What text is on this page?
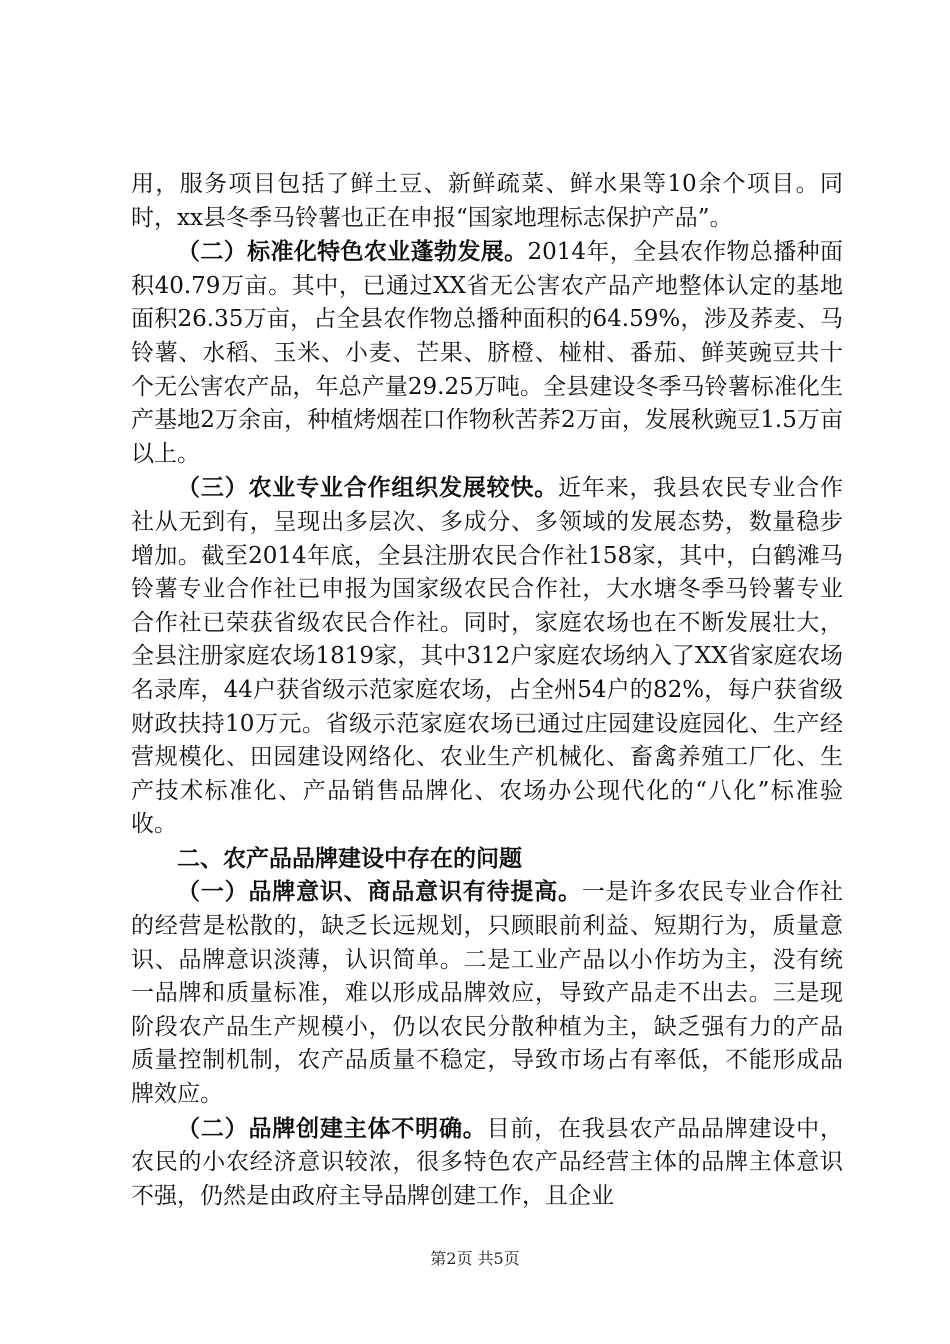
用，服务项目包括了鲜土豆、新鲜疏菜、鲜水果等10余个项目。同时，xx县冬季马铃薯也正在申报“国家地理标志保护产品”。

（二）标准化特色农业蓬勃发展。2014年，全县农作物总播种面积40.79万亩。其中，已通过XX省无公害农产品产地整体认定的基地面积26.35万亩，占全县农作物总播种面积的64.59%，涉及荞麦、马铃薯、水稻、玉米、小麦、芒果、脐橙、椪柑、番茄、鲜荚豌豆共十个无公害农产品，年总产量29.25万吨。全县建设冬季马铃薯标准化生产基地2万余亩，种植烤烟茬口作物秋苦荞2万亩，发展秋豌豆1.5万亩以上。

（三）农业专业合作组织发展较快。近年来，我县农民专业合作社从无到有，呈现出多层次、多成分、多领域的发展态势，数量稳步增加。截至2014年底，全县注册农民合作社158家，其中，白鹤滩马铃薯专业合作社已申报为国家级农民合作社，大水塘冬季马铃薯专业合作社已荣获省级农民合作社。同时，家庭农场也在不断发展壮大，全县注册家庭农场1819家，其中312户家庭农场纳入了XX省家庭农场名录库，44户获省级示范家庭农场，占全州54户的82%，每户获省级财政扶持10万元。省级示范家庭农场已通过庄园建设庭园化、生产经营规模化、田园建设网络化、农业生产机械化、畜禽养殖工厂化、生产技术标准化、产品销售品牌化、农场办公现代化的“八化”标准验收。

二、农产品品牌建设中存在的问题

（一）品牌意识、商品意识有待提高。一是许多农民专业合作社的经营是松散的，缺乏长远规划，只顾眼前利益、短期行为，质量意识、品牌意识淡薄，认识简单。二是工业产品以小作坊为主，没有统一品牌和质量标准，难以形成品牌效应，导致产品走不出去。三是现阶段农产品生产规模小，仍以农民分散种植为主，缺乏强有力的产品质量控制机制，农产品质量不稳定，导致市场占有率低，不能形成品牌效应。

（二）品牌创建主体不明确。目前，在我县农产品品牌建设中，农民的小农经济意识较浓，很多特色农产品经营主体的品牌主体意识不强，仍然是由政府主导品牌创建工作，且企业

第2页 共5页
